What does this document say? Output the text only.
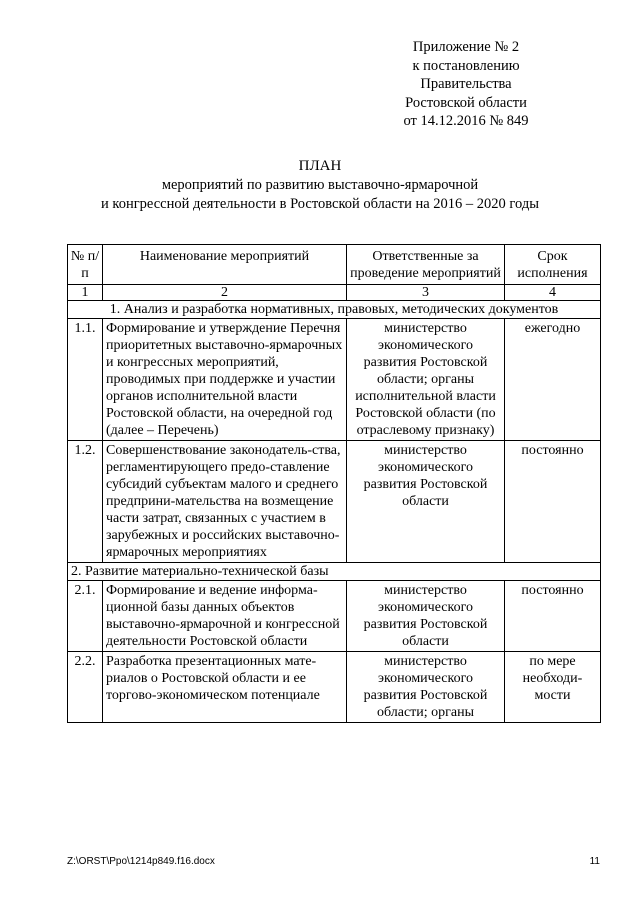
Приложение № 2
к постановлению
Правительства
Ростовской области
от 14.12.2016 № 849
ПЛАН
мероприятий по развитию выставочно-ярмарочной
и конгрессной деятельности в Ростовской области на 2016 – 2020 годы
№ п/п	Наименование мероприятий	Ответственные за проведение мероприятий	Срок исполнения
1	2	3	4
1. Анализ и разработка нормативных, правовых, методических документов			
1.1.	Формирование и утверждение Перечня приоритетных выставочно-ярмарочных и конгрессных мероприятий, проводимых при поддержке и участии органов исполнительной власти Ростовской области, на очередной год (далее – Перечень)	министерство экономического развития Ростовской области; органы исполнительной власти Ростовской области (по отраслевому признаку)	ежегодно
1.2.	Совершенствование законодатель-ства, регламентирующего предо-ставление субсидий субъектам малого и среднего предприни-мательства на возмещение части затрат, связанных с участием в зарубежных и российских выставочно-ярмарочных мероприятиях	министерство экономического развития Ростовской области	постоянно
2. Развитие материально-технической базы			
2.1.	Формирование и ведение информа-ционной базы данных объектов выставочно-ярмарочной и конгрессной деятельности Ростовской области	министерство экономического развития Ростовской области	постоянно
2.2.	Разработка презентационных мате-риалов о Ростовской области и ее торгово-экономическом потенциале	министерство экономического развития Ростовской области; органы	по мере необходи-мости
Z:\ORST\Ppo\1214p849.f16.docx	11
